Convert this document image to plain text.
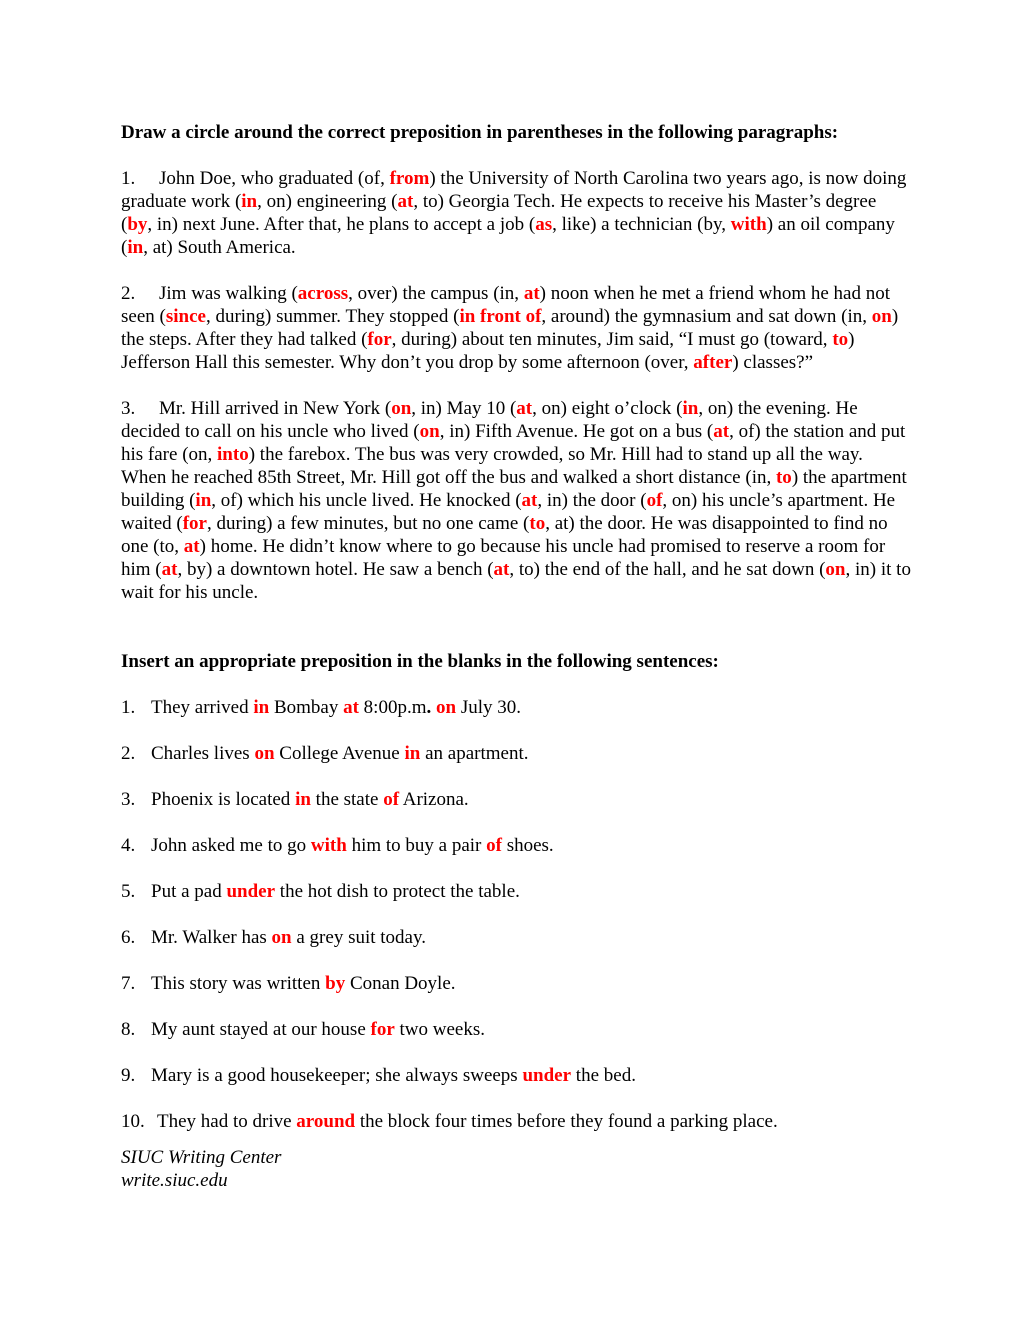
Draw a circle around the correct preposition in parentheses in the following paragraphs:

1. John Doe, who graduated (of, from) the University of North Carolina two years ago, is now doing graduate work (in, on) engineering (at, to) Georgia Tech. He expects to receive his Master’s degree (by, in) next June. After that, he plans to accept a job (as, like) a technician (by, with) an oil company (in, at) South America.

2. Jim was walking (across, over) the campus (in, at) noon when he met a friend whom he had not seen (since, during) summer. They stopped (in front of, around) the gymnasium and sat down (in, on) the steps. After they had talked (for, during) about ten minutes, Jim said, “I must go (toward, to) Jefferson Hall this semester. Why don’t you drop by some afternoon (over, after) classes?”

3. Mr. Hill arrived in New York (on, in) May 10 (at, on) eight o’clock (in, on) the evening. He decided to call on his uncle who lived (on, in) Fifth Avenue. He got on a bus (at, of) the station and put his fare (on, into) the farebox. The bus was very crowded, so Mr. Hill had to stand up all the way.

When he reached 85th Street, Mr. Hill got off the bus and walked a short distance (in, to) the apartment building (in, of) which his uncle lived. He knocked (at, in) the door (of, on) his uncle’s apartment. He waited (for, during) a few minutes, but no one came (to, at) the door. He was disappointed to find no one (to, at) home. He didn’t know where to go because his uncle had promised to reserve a room for him (at, by) a downtown hotel. He saw a bench (at, to) the end of the hall, and he sat down (on, in) it to wait for his uncle.

Insert an appropriate preposition in the blanks in the following sentences:

1. They arrived in Bombay at 8:00p.m. on July 30.

2. Charles lives on College Avenue in an apartment.

3. Phoenix is located in the state of Arizona.

4. John asked me to go with him to buy a pair of shoes.

5. Put a pad under the hot dish to protect the table.

6. Mr. Walker has on a grey suit today.

7. This story was written by Conan Doyle.

8. My aunt stayed at our house for two weeks.

9. Mary is a good housekeeper; she always sweeps under the bed.

10. They had to drive around the block four times before they found a parking place.

SIUC Writing Center

write.siuc.edu
